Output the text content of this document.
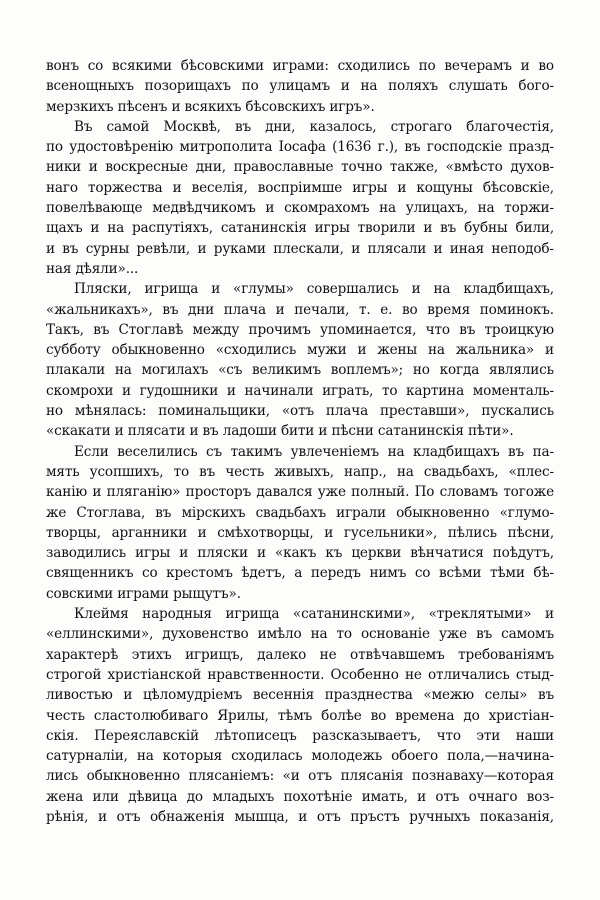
вонъ со всякими бѣсовскими играми: сходились по вечерамъ и во
всенощныхъ позорищахъ по улицамъ и на поляхъ слушать бого-
мерзкихъ пѣсенъ и всякихъ бѣсовскихъ игръ».
Въ самой Москвѣ, въ дни, казалось, строгаго благочестія,
по удостовѣренію митрополита Іосафа (1636 г.), въ господскіе празд-
ники и воскресные дни, православные точно также, «вмѣсто духов-
наго торжества и веселія, воспріимше игры и кощуны бѣсовскіе,
повелѣвающе медвѣдчикомъ и скомрахомъ на улицахъ, на торжи-
щахъ и на распутіяхъ, сатанинскія игры творили и въ бубны били,
и въ сурны ревѣли, и руками плескали, и плясали и иная неподоб-
ная дѣяли»...
Пляски, игрища и «глумы» совершались и на кладбищахъ,
«жальникахъ», въ дни плача и печали, т. е. во время поминокъ.
Такъ, въ Стоглавѣ между прочимъ упоминается, что въ троицкую
субботу обыкновенно «сходились мужи и жены на жальника» и
плакали на могилахъ «съ великимъ воплемъ»; но когда являлись
скомрохи и гудошники и начинали играть, то картина моменталь-
но мѣнялась: поминальщики, «отъ плача преставши», пускались
«скакати и плясати и въ ладоши бити и пѣсни сатанинскія пѣти».
Если веселились съ такимъ увлеченіемъ на кладбищахъ въ па-
мять усопшихъ, то въ честь живыхъ, напр., на свадьбахъ, «плес-
канію и пляганію» просторъ давался уже полный. По словамъ тогоже
же Стоглава, въ мірскихъ свадьбахъ играли обыкновенно «глумо-
творцы, арганники и смѣхотворцы, и гусельники», пѣлись пѣсни,
заводились игры и пляски и «какъ къ церкви вѣнчатися поѣдутъ,
священникъ со крестомъ ѣдетъ, а передъ нимъ со всѣми тѣми бѣ-
совскими играми рыщутъ».
Клеймя народныя игрища «сатанинскими», «треклятыми» и
«еллинскими», духовенство имѣло на то основаніе уже въ самомъ
характерѣ этихъ игрищъ, далеко не отвѣчавшемъ требованіямъ
строгой христіанской нравственности. Особенно не отличались стыд-
ливостью и цѣломудріемъ весеннія празднества «межю селы» въ
честь сластолюбиваго Ярилы, тѣмъ болѣе во времена до христіан-
скія. Переяславскій лѣтописецъ разсказываетъ, что эти наши
сатурналіи, на которыя сходилась молодежь обоего пола,—начина-
лись обыкновенно плясаніемъ: «и отъ плясанія познаваху—которая
жена или дѣвица до младыхъ похотѣніе имать, и отъ очнаго воз-
рѣнія, и отъ обнаженія мышца, и отъ пръстъ ручныхъ показанія,
